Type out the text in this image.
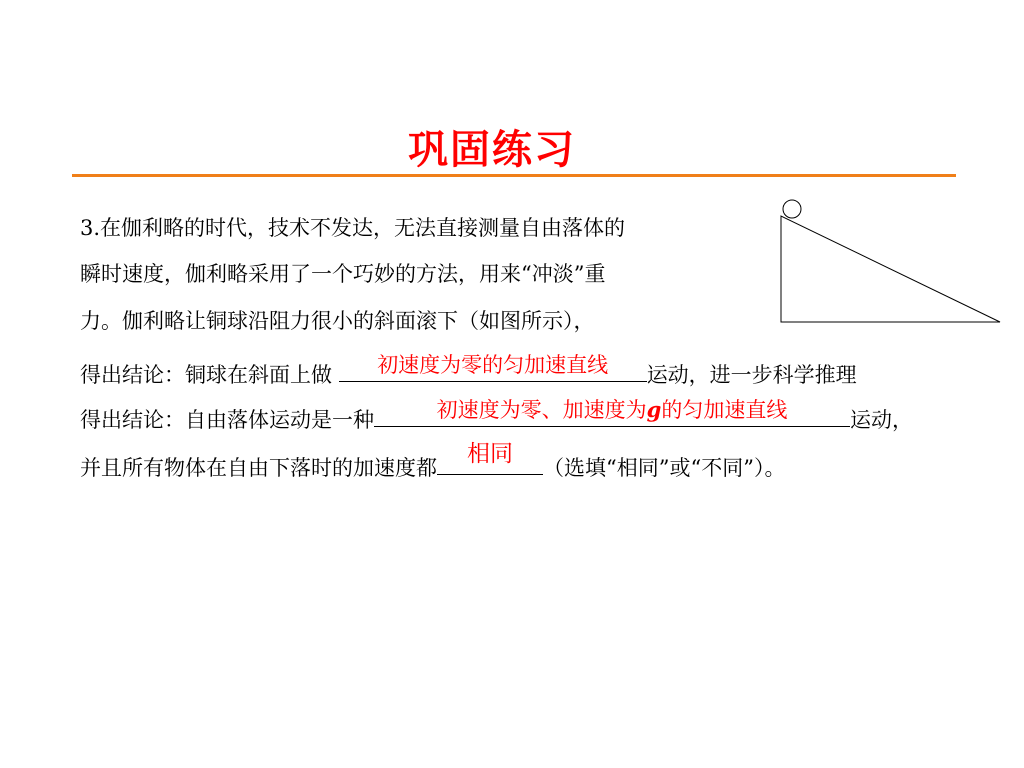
巩固练习
3.在伽利略的时代，技术不发达，无法直接测量自由落体的
瞬时速度，伽利略采用了一个巧妙的方法，用来“冲淡”重
力。伽利略让铜球沿阻力很小的斜面滚下（如图所示），
得出结论：铜球在斜面上做	初速度为零的匀加速直线	运动，进一步科学推理
得出结论：自由落体运动是一种	初速度为零、加速度为g的匀加速直线	运动，
并且所有物体在自由下落时的加速度都
相同
（选填“相同”或“不同”）。
